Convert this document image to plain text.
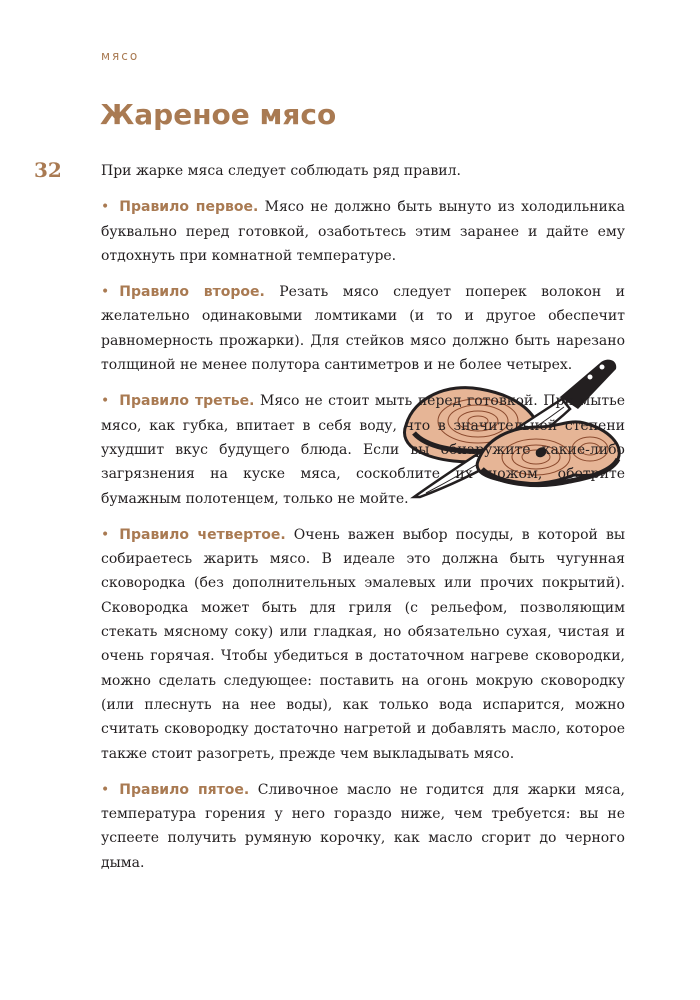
мясо
Жареное мясо
32	При жарке мяса следует соблюдать ряд правил.

• Правило первое. Мясо не должно быть вынуто из холодильника буквально перед готовкой, озаботьтесь этим заранее и дайте ему отдохнуть при комнатной температуре.

• Правило второе. Резать мясо следует поперек волокон и желательно одинаковыми ломтиками (и то и другое обеспечит равномерность прожарки). Для стейков мясо должно быть нарезано толщиной не менее полутора сантиметров и не более четырех.

• Правило третье. Мясо не стоит мыть перед готовкой. При мытье мясо, как губка, впитает в себя воду, что в значительной степени ухудшит вкус будущего блюда. Если вы обнаружите какие-либо загрязнения на куске мяса, соскоблите их ножом, оботрите бумажным полотенцем, только не мойте.

• Правило четвертое. Очень важен выбор посуды, в которой вы собираетесь жарить мясо. В идеале это должна быть чугунная сковородка (без дополнительных эмалевых или прочих покрытий). Сковородка может быть для гриля (с рельефом, позволяющим стекать мясному соку) или гладкая, но обязательно сухая, чистая и очень горячая. Чтобы убедиться в достаточном нагреве сковородки, можно сделать следующее: поставить на огонь мокрую сковородку (или плеснуть на нее воды), как только вода испарится, можно считать сковородку достаточно нагретой и добавлять масло, которое также стоит разогреть, прежде чем выкладывать мясо.

• Правило пятое. Сливочное масло не годится для жарки мяса, температура горения у него гораздо ниже, чем требуется: вы не успеете получить румяную корочку, как масло сгорит до черного дыма.
